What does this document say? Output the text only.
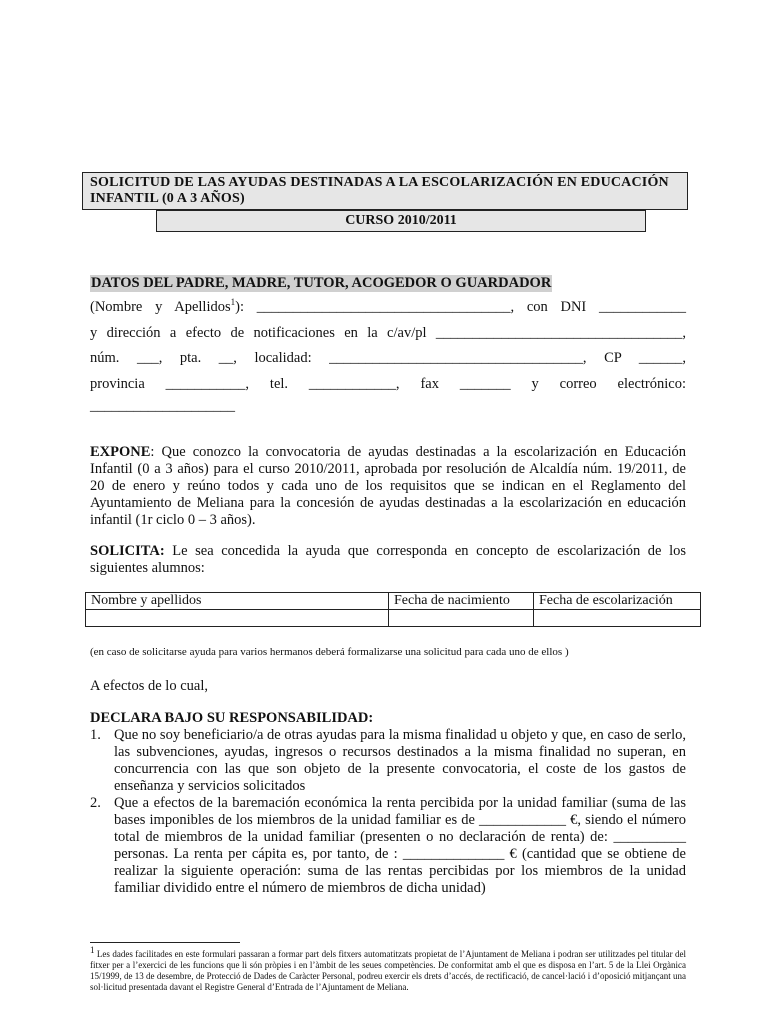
SOLICITUD DE LAS AYUDAS DESTINADAS A LA ESCOLARIZACIÓN EN EDUCACIÓN INFANTIL (0 A 3 AÑOS)
CURSO 2010/2011
DATOS DEL PADRE, MADRE, TUTOR, ACOGEDOR O GUARDADOR
(Nombre y Apellidos$^1$): ___________________________________, con DNI ____________
y dirección a efecto de notificaciones en la c/av/pl __________________________________,
núm. ___, pta. __, localidad: ___________________________________, CP ______,
provincia ___________, tel. ____________, fax _______ y correo electrónico:
____________________
EXPONE: Que conozco la convocatoria de ayudas destinadas a la escolarización en Educación Infantil (0 a 3 años) para el curso 2010/2011, aprobada por resolución de Alcaldía núm. 19/2011, de 20 de enero y reúno todos y cada uno de los requisitos que se indican en el Reglamento del Ayuntamiento de Meliana para la concesión de ayudas destinadas a la escolarización en educación infantil (1r ciclo 0 – 3 años).
SOLICITA: Le sea concedida la ayuda que corresponda en concepto de escolarización de los siguientes alumnos:
Nombre y apellidos	Fecha de nacimiento	Fecha de escolarización

(en caso de solicitarse ayuda para varios hermanos deberá formalizarse una solicitud para cada uno de ellos )
A efectos de lo cual,
DECLARA BAJO SU RESPONSABILIDAD:
1. Que no soy beneficiario/a de otras ayudas para la misma finalidad u objeto y que, en caso de serlo, las subvenciones, ayudas, ingresos o recursos destinados a la misma finalidad no superan, en concurrencia con las que son objeto de la presente convocatoria, el coste de los gastos de enseñanza y servicios solicitados
2. Que a efectos de la baremación económica la renta percibida por la unidad familiar (suma de las bases imponibles de los miembros de la unidad familiar es de ____________ €, siendo el número total de miembros de la unidad familiar (presenten o no declaración de renta) de: __________ personas. La renta per cápita es, por tanto, de : ______________ € (cantidad que se obtiene de realizar la siguiente operación: suma de las rentas percibidas por los miembros de la unidad familiar dividido entre el número de miembros de dicha unidad)
$^1$ Les dades facilitades en este formulari passaran a formar part dels fitxers automatitzats propietat de l’Ajuntament de Meliana i podran ser utilitzades pel titular del fitxer per a l’exercici de les funcions que li són pròpies i en l’àmbit de les seues competències. De conformitat amb el que es disposa en l’art. 5 de la Llei Orgànica 15/1999, de 13 de desembre, de Protecció de Dades de Caràcter Personal, podreu exercir els drets d’accés, de rectificació, de cancel·lació i d’oposició mitjançant una sol·licitud presentada davant el Registre General d’Entrada de l’Ajuntament de Meliana.
